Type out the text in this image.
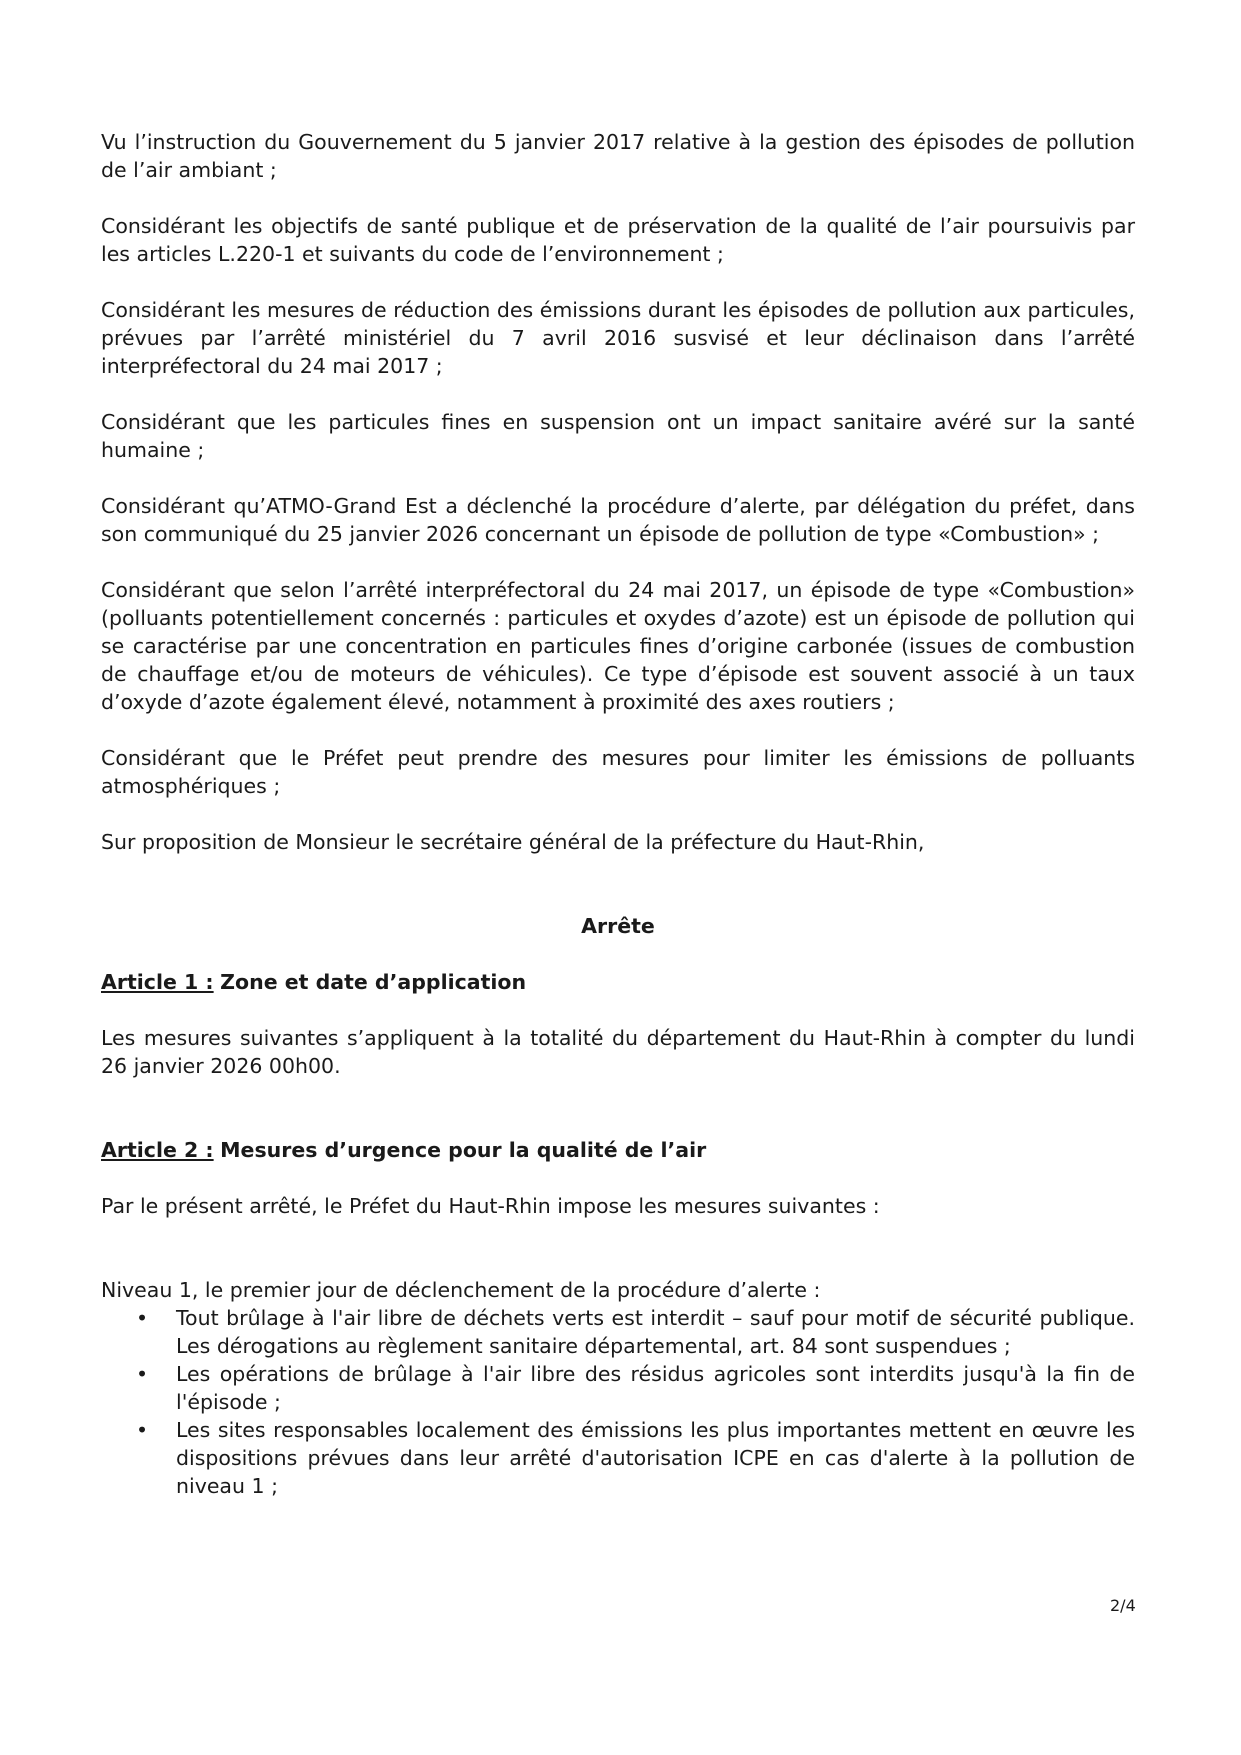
Vu l’instruction du Gouvernement du 5 janvier 2017 relative à la gestion des épisodes de pollution de l’air ambiant ;

Considérant les objectifs de santé publique et de préservation de la qualité de l’air poursuivis par les articles L.220-1 et suivants du code de l’environnement ;

Considérant les mesures de réduction des émissions durant les épisodes de pollution aux particules, prévues par l’arrêté ministériel du 7 avril 2016 susvisé et leur déclinaison dans l’arrêté interpréfectoral du 24 mai 2017 ;

Considérant que les particules fines en suspension ont un impact sanitaire avéré sur la santé humaine ;

Considérant qu’ATMO-Grand Est a déclenché la procédure d’alerte, par délégation du préfet, dans son communiqué du 25 janvier 2026 concernant un épisode de pollution de type «Combustion» ;

Considérant que selon l’arrêté interpréfectoral du 24 mai 2017, un épisode de type «Combustion» (polluants potentiellement concernés : particules et oxydes d’azote) est un épisode de pollution qui se caractérise par une concentration en particules fines d’origine carbonée (issues de combustion de chauffage et/ou de moteurs de véhicules). Ce type d’épisode est souvent associé à un taux d’oxyde d’azote également élevé, notamment à proximité des axes routiers ;

Considérant que le Préfet peut prendre des mesures pour limiter les émissions de polluants atmosphériques ;

Sur proposition de Monsieur le secrétaire général de la préfecture du Haut-Rhin,

Arrête
Article 1 : Zone et date d’application

Les mesures suivantes s’appliquent à la totalité du département du Haut-Rhin à compter du lundi 26 janvier 2026 00h00.

Article 2 : Mesures d’urgence pour la qualité de l’air

Par le présent arrêté, le Préfet du Haut-Rhin impose les mesures suivantes :

Niveau 1, le premier jour de déclenchement de la procédure d’alerte :

• Tout brûlage à l'air libre de déchets verts est interdit – sauf pour motif de sécurité publique. Les dérogations au règlement sanitaire départemental, art. 84 sont suspendues ;
• Les opérations de brûlage à l'air libre des résidus agricoles sont interdits jusqu'à la fin de l'épisode ;
• Les sites responsables localement des émissions les plus importantes mettent en œuvre les dispositions prévues dans leur arrêté d'autorisation ICPE en cas d'alerte à la pollution de niveau 1 ;
2/4
